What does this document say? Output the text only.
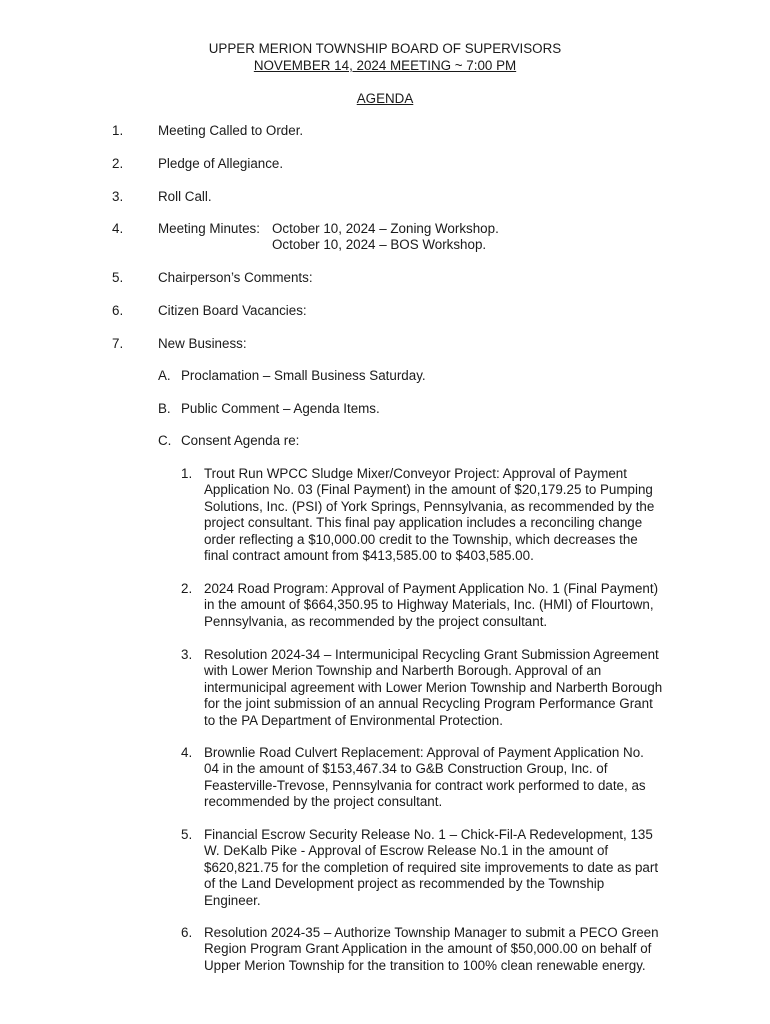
UPPER MERION TOWNSHIP BOARD OF SUPERVISORS
NOVEMBER 14, 2024 MEETING ~ 7:00 PM
AGENDA
1.	Meeting Called to Order.
2.	Pledge of Allegiance.
3.	Roll Call.
4.	Meeting Minutes: October 10, 2024 – Zoning Workshop.
October 10, 2024 – BOS Workshop.
5.	Chairperson’s Comments:
6.	Citizen Board Vacancies:
7.	New Business:
A. Proclamation – Small Business Saturday.
B. Public Comment – Agenda Items.
C. Consent Agenda re:
1. Trout Run WPCC Sludge Mixer/Conveyor Project: Approval of Payment
Application No. 03 (Final Payment) in the amount of $20,179.25 to Pumping
Solutions, Inc. (PSI) of York Springs, Pennsylvania, as recommended by the
project consultant. This final pay application includes a reconciling change
order reflecting a $10,000.00 credit to the Township, which decreases the
final contract amount from $413,585.00 to $403,585.00.
2. 2024 Road Program: Approval of Payment Application No. 1 (Final Payment)
in the amount of $664,350.95 to Highway Materials, Inc. (HMI) of Flourtown,
Pennsylvania, as recommended by the project consultant.
3. Resolution 2024-34 – Intermunicipal Recycling Grant Submission Agreement
with Lower Merion Township and Narberth Borough. Approval of an
intermunicipal agreement with Lower Merion Township and Narberth Borough
for the joint submission of an annual Recycling Program Performance Grant
to the PA Department of Environmental Protection.
4. Brownlie Road Culvert Replacement: Approval of Payment Application No.
04 in the amount of $153,467.34 to G&B Construction Group, Inc. of
Feasterville-Trevose, Pennsylvania for contract work performed to date, as
recommended by the project consultant.
5. Financial Escrow Security Release No. 1 – Chick-Fil-A Redevelopment, 135
W. DeKalb Pike - Approval of Escrow Release No.1 in the amount of
$620,821.75 for the completion of required site improvements to date as part
of the Land Development project as recommended by the Township
Engineer.
6. Resolution 2024-35 – Authorize Township Manager to submit a PECO Green
Region Program Grant Application in the amount of $50,000.00 on behalf of
Upper Merion Township for the transition to 100% clean renewable energy.
